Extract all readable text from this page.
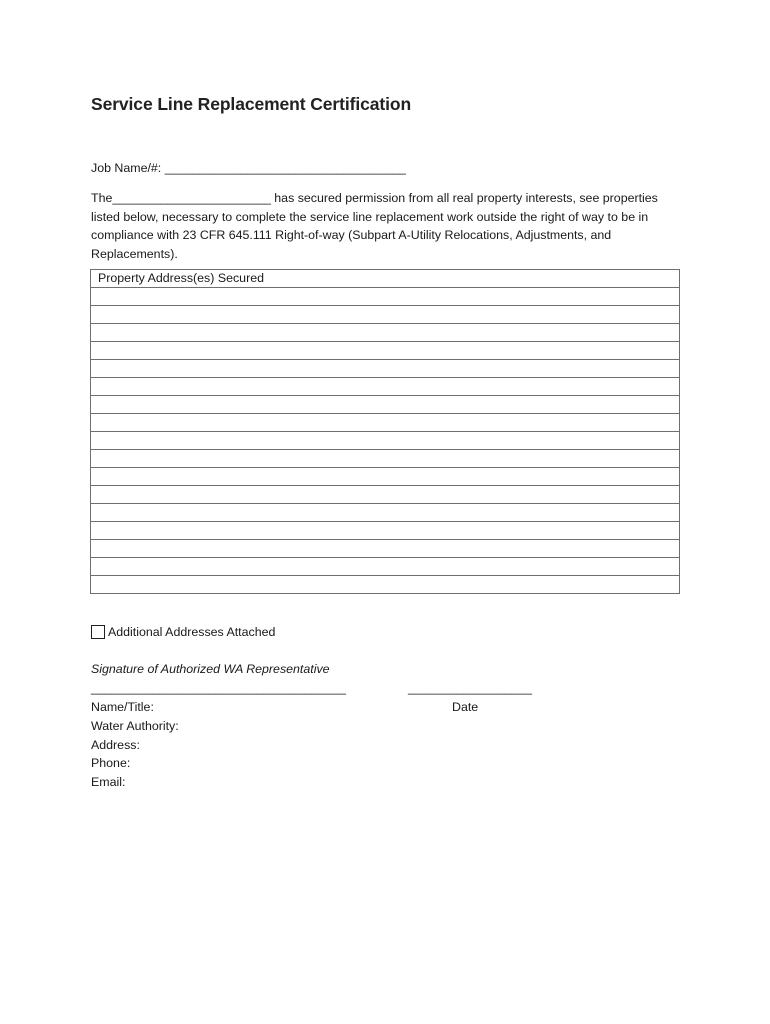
Service Line Replacement Certification
Job Name/#: ___________________________________
The_______________________ has secured permission from all real property interests, see properties listed below, necessary to complete the service line replacement work outside the right of way to be in compliance with 23 CFR 645.111 Right-of-way (Subpart A-Utility Relocations, Adjustments, and Replacements).
Property Address(es) Secured

Additional Addresses Attached
Signature of Authorized WA Representative
_____________________________________	__________________
Name/Title:	Date
Water Authority:
Address:
Phone:
Email:
